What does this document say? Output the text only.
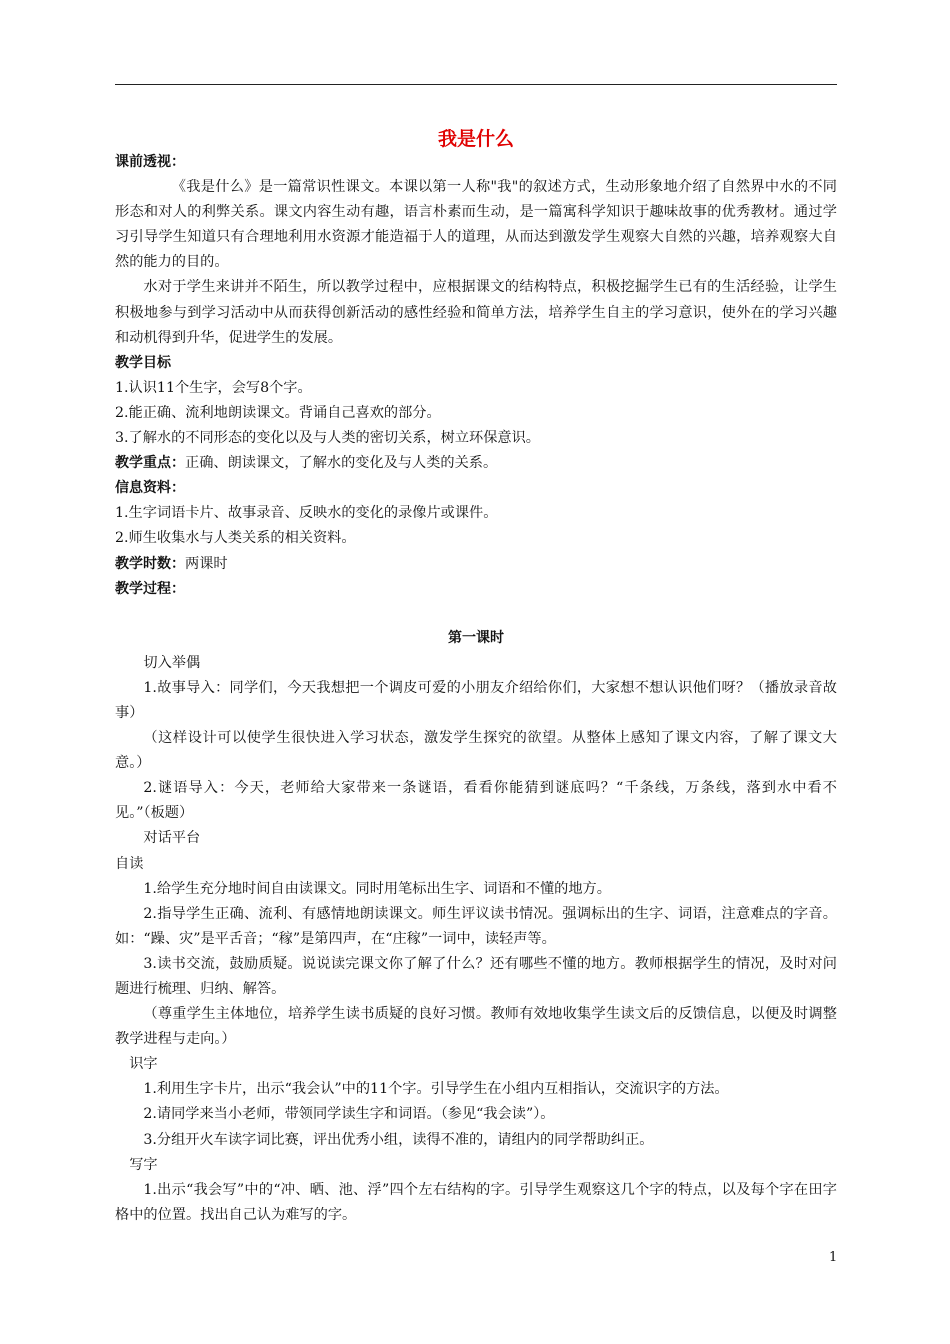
我是什么

课前透视：

《我是什么》是一篇常识性课文。本课以第一人称"我"的叙述方式，生动形象地介绍了自然界中水的不同形态和对人的利弊关系。课文内容生动有趣，语言朴素而生动，是一篇寓科学知识于趣味故事的优秀教材。通过学习引导学生知道只有合理地利用水资源才能造福于人的道理，从而达到激发学生观察大自然的兴趣，培养观察大自然的能力的目的。

水对于学生来讲并不陌生，所以教学过程中，应根据课文的结构特点，积极挖掘学生已有的生活经验，让学生积极地参与到学习活动中从而获得创新活动的感性经验和简单方法，培养学生自主的学习意识，使外在的学习兴趣和动机得到升华，促进学生的发展。

教学目标

1.认识11个生字，会写8个字。

2.能正确、流利地朗读课文。背诵自己喜欢的部分。

3.了解水的不同形态的变化以及与人类的密切关系，树立环保意识。

教学重点：正确、朗读课文，了解水的变化及与人类的关系。

信息资料：

1.生字词语卡片、故事录音、反映水的变化的录像片或课件。

2.师生收集水与人类关系的相关资料。

教学时数：两课时

教学过程：

第一课时

切入举偶

1.故事导入：同学们，今天我想把一个调皮可爱的小朋友介绍给你们，大家想不想认识他们呀？（播放录音故事）

（这样设计可以使学生很快进入学习状态，激发学生探究的欲望。从整体上感知了课文内容，了解了课文大意。）

2.谜语导入：今天，老师给大家带来一条谜语，看看你能猜到谜底吗？“千条线，万条线，落到水中看不见。”（板题）

对话平台

自读

1.给学生充分地时间自由读课文。同时用笔标出生字、词语和不懂的地方。

2.指导学生正确、流利、有感情地朗读课文。师生评议读书情况。强调标出的生字、词语，注意难点的字音。如：“躁、灾”是平舌音；“稼”是第四声，在“庄稼”一词中，读轻声等。

3.读书交流，鼓励质疑。说说读完课文你了解了什么？还有哪些不懂的地方。教师根据学生的情况，及时对问题进行梳理、归纳、解答。

（尊重学生主体地位，培养学生读书质疑的良好习惯。教师有效地收集学生读文后的反馈信息，以便及时调整教学进程与走向。）

识字

1.利用生字卡片，出示“我会认”中的11个字。引导学生在小组内互相指认，交流识字的方法。

2.请同学来当小老师，带领同学读生字和词语。（参见“我会读”）。

3.分组开火车读字词比赛，评出优秀小组，读得不准的，请组内的同学帮助纠正。

写字

1.出示“我会写”中的“冲、晒、池、浮”四个左右结构的字。引导学生观察这几个字的特点，以及每个字在田字格中的位置。找出自己认为难写的字。

1
